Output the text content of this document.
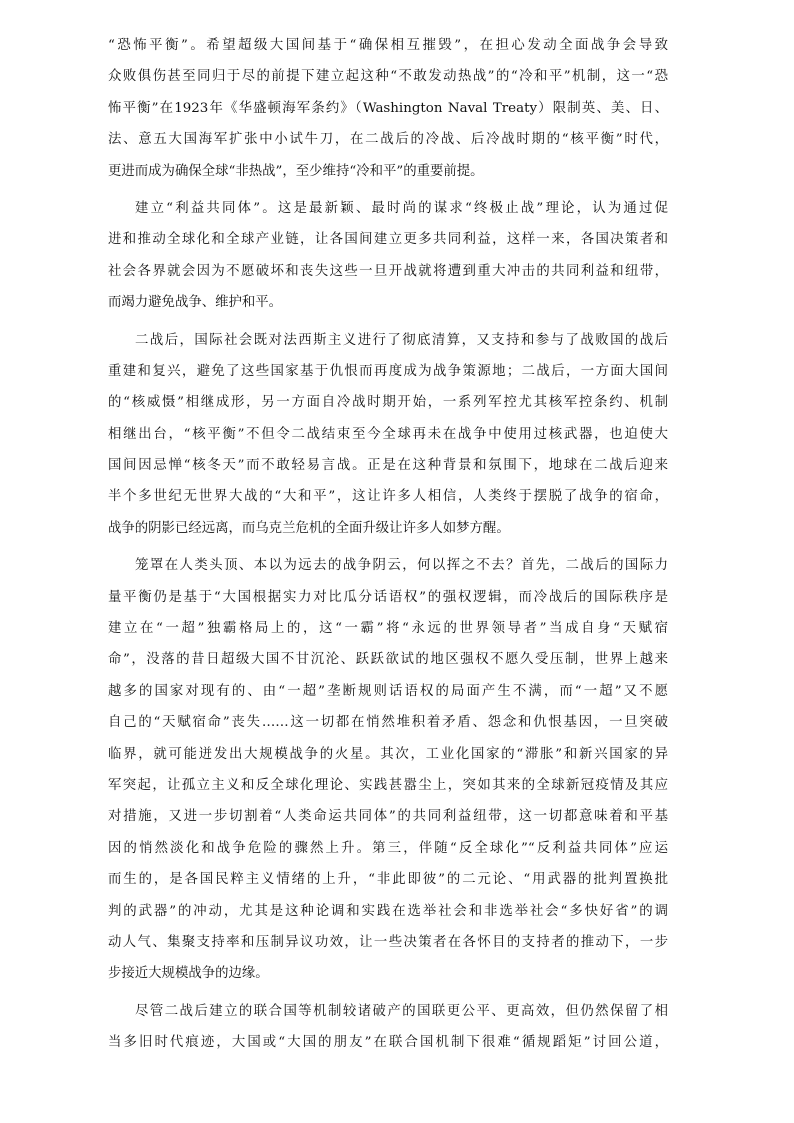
“恐怖平衡”。希望超级大国间基于“确保相互摧毁”，在担心发动全面战争会导致
众败俱伤甚至同归于尽的前提下建立起这种“不敢发动热战”的“冷和平”机制，这一“恐
怖平衡”在1923年《华盛顿海军条约》（Washington Naval Treaty）限制英、美、日、
法、意五大国海军扩张中小试牛刀，在二战后的冷战、后冷战时期的“核平衡”时代，
更进而成为确保全球“非热战”，至少维持“冷和平”的重要前提。
建立“利益共同体”。这是最新颖、最时尚的谋求“终极止战”理论，认为通过促
进和推动全球化和全球产业链，让各国间建立更多共同利益，这样一来，各国决策者和
社会各界就会因为不愿破坏和丧失这些一旦开战就将遭到重大冲击的共同利益和纽带，
而竭力避免战争、维护和平。
二战后，国际社会既对法西斯主义进行了彻底清算，又支持和参与了战败国的战后
重建和复兴，避免了这些国家基于仇恨而再度成为战争策源地；二战后，一方面大国间
的“核威慑”相继成形，另一方面自冷战时期开始，一系列军控尤其核军控条约、机制
相继出台，“核平衡”不但令二战结束至今全球再未在战争中使用过核武器，也迫使大
国间因忌惮“核冬天”而不敢轻易言战。正是在这种背景和氛围下，地球在二战后迎来
半个多世纪无世界大战的“大和平”，这让许多人相信，人类终于摆脱了战争的宿命，
战争的阴影已经远离，而乌克兰危机的全面升级让许多人如梦方醒。
笼罩在人类头顶、本以为远去的战争阴云，何以挥之不去？首先，二战后的国际力
量平衡仍是基于“大国根据实力对比瓜分话语权”的强权逻辑，而冷战后的国际秩序是
建立在“一超”独霸格局上的，这“一霸”将“永远的世界领导者”当成自身“天赋宿
命”，没落的昔日超级大国不甘沉沦、跃跃欲试的地区强权不愿久受压制，世界上越来
越多的国家对现有的、由“一超”垄断规则话语权的局面产生不满，而“一超”又不愿
自己的“天赋宿命”丧失……这一切都在悄然堆积着矛盾、怨念和仇恨基因，一旦突破
临界，就可能迸发出大规模战争的火星。其次，工业化国家的“滞胀”和新兴国家的异
军突起，让孤立主义和反全球化理论、实践甚嚣尘上，突如其来的全球新冠疫情及其应
对措施，又进一步切割着“人类命运共同体”的共同利益纽带，这一切都意味着和平基
因的悄然淡化和战争危险的骤然上升。第三，伴随“反全球化”“反利益共同体”应运
而生的，是各国民粹主义情绪的上升，“非此即彼”的二元论、“用武器的批判置换批
判的武器”的冲动，尤其是这种论调和实践在选举社会和非选举社会“多快好省”的调
动人气、集聚支持率和压制异议功效，让一些决策者在各怀目的支持者的推动下，一步
步接近大规模战争的边缘。
尽管二战后建立的联合国等机制较诸破产的国联更公平、更高效，但仍然保留了相
当多旧时代痕迹，大国或“大国的朋友”在联合国机制下很难“循规蹈矩”讨回公道，
